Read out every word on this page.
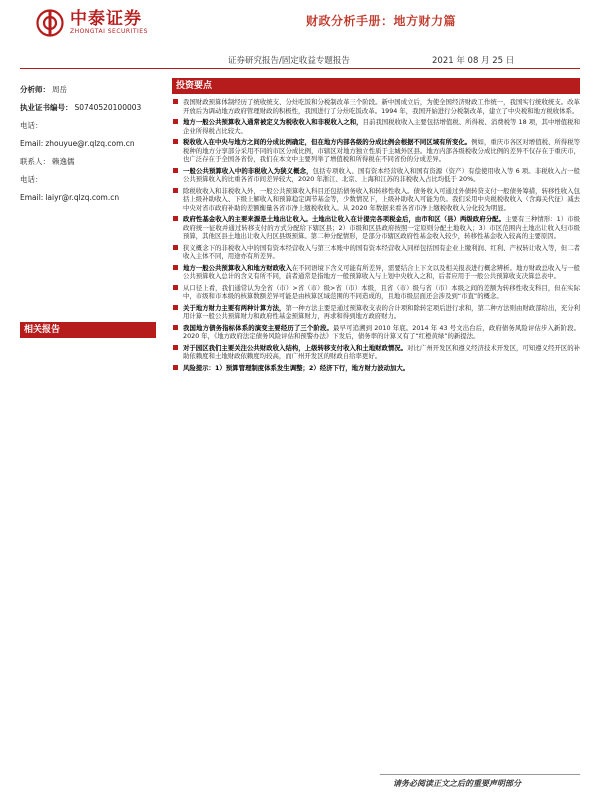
中泰证券
ZHONGTAI SECURITIES
财政分析手册：地方财力篇
证券研究报告/固定收益专题报告	2021 年 08 月 25 日
分析师： 周岳
执业证书编号： S0740520100003
电话：
Email: zhouyue@r.qlzq.com.cn
联系人： 赖逸儒
电话：
Email: laiyr@r.qlzq.com.cn
相关报告
投资要点
我国财政预算体制经历了统收统支、分灶吃饭和分税制改革三个阶段。新中国成立后，为使全国经济财政工作统一，我国实行统收统支。改革开放后为调动地方政府管理财政的积极性，我国进行了分灶吃饭改革。1994 年，我国开始进行分税制改革，建立了中央税和地方税收体系。
地方一般公共预算收入通常被定义为税收收入和非税收入之和，目前我国税收收入主要包括增值税、所得税、消费税等 18 项，其中增值税和企业所得税占比较大。
税收收入在中央与地方之间的分成比例确定，但在地方内部各级的分成比例会根据不同区域有所变化。例如，重庆市各区对增值税、所得税等税种的地方分享部分采用不同的市区分成比例，市辖区对地方独立性质于主城外区县。地方内部各级税收分成比例的差异不仅存在于重庆市，也广泛存在于全国各省份，我们在本文中主要列举了增值税和所得税在不同省份的分成差异。
一般公共预算收入中的非税收入为狭义概念，包括专项收入、国有资本经营收入和国有资源（资产）有偿使用收入等 6 项。非税收入占一般公共预算收入的比重各省市间差异较大，2020 年浙江、北京、上海和江苏的非税收入占比均低于 20%。
除税收收入和非税收入外，一般公共预算收入科目还包括债务收入和转移性收入。债务收入可通过外债转贷支付一般债务筹措，转移性收入包括上级补助收入、下级上解收入和预算稳定调节基金等，少数情况下，上级补助收入可能为负。我们采用中央税税收收入（含海关代征）减去中央对省市政府补助的差额衡量各省市净上缴税收收入。从 2020 年数据来看各省市净上缴税收收入分化较为明显。
政府性基金收入的主要来源是土地出让收入。土地出让收入在计提完各项税金后，由市和区（县）两级政府分配。主要有三种情形：1）市级政府统一征收并通过转移支付的方式分配给下辖区县；2）市级和区县政府按照一定原则分配土地收入；3）市区范围内土地出让收入归市级预算，其他区县土地出让收入归区县级预算。第二种分配情形，是部分市辖区政府性基金收入较少，转移性基金收入较高的主要原因。
狭义概念下的非税收入中的国有资本经营收入与第三本账中的国有资本经营收入同样包括国有企业上缴利润、红利、产权转让收入等，但二者收入主体不同，用途亦有所差异。
地方一般公共预算收入和地方财政收入在不同语境下含义可能有所差异，需要结合上下文以及相关报表进行概念辨析。地方财政总收入与一般公共预算收入总计的含义有所不同，前者通常是指地方一般预算收入与上划中央收入之和，后者应用于一般公共预算收支决算总表中。
从口径上看，我们通常认为全省（市）>省（市）级>省（市）本级，且省（市）级与省（市）本级之间的差额为转移性收支科目，但在实际中，市级和市本级的核算数额差异可能是由核算区域范围的不同造成的，且地市级层面还会涉及到“市直”的概念。
关于地方财力主要有两种计算方法，第一种方法主要是通过预算收支表的合计项和除转定项后进行求和，第二种方法则由财政部给出，充分利用计算一般公共预算财力和政府性基金预算财力，再求和得到地方政府财力。
我国地方债务指标体系的演变主要经历了三个阶段。最早可追溯到 2010 年底。2014 年 43 号文出台后，政府债务风险评估步入新阶段。2020 年，《地方政府法定债务风险评估和预警办法》下发后，债务率的计算又有了“红橙黄绿”的新提法。
对于园区我们主要关注公共财政收入结构，上级转移支付收入和土地财政情况。对比广州开发区和遵义经济技术开发区，可知遵义经开区的补助依赖度和土地财政依赖度均较高，而广州开发区的财政自给率更好。
风险提示：1）预算管理制度体系发生调整；2）经济下行，地方财力波动加大。
请务必阅读正文之后的重要声明部分
